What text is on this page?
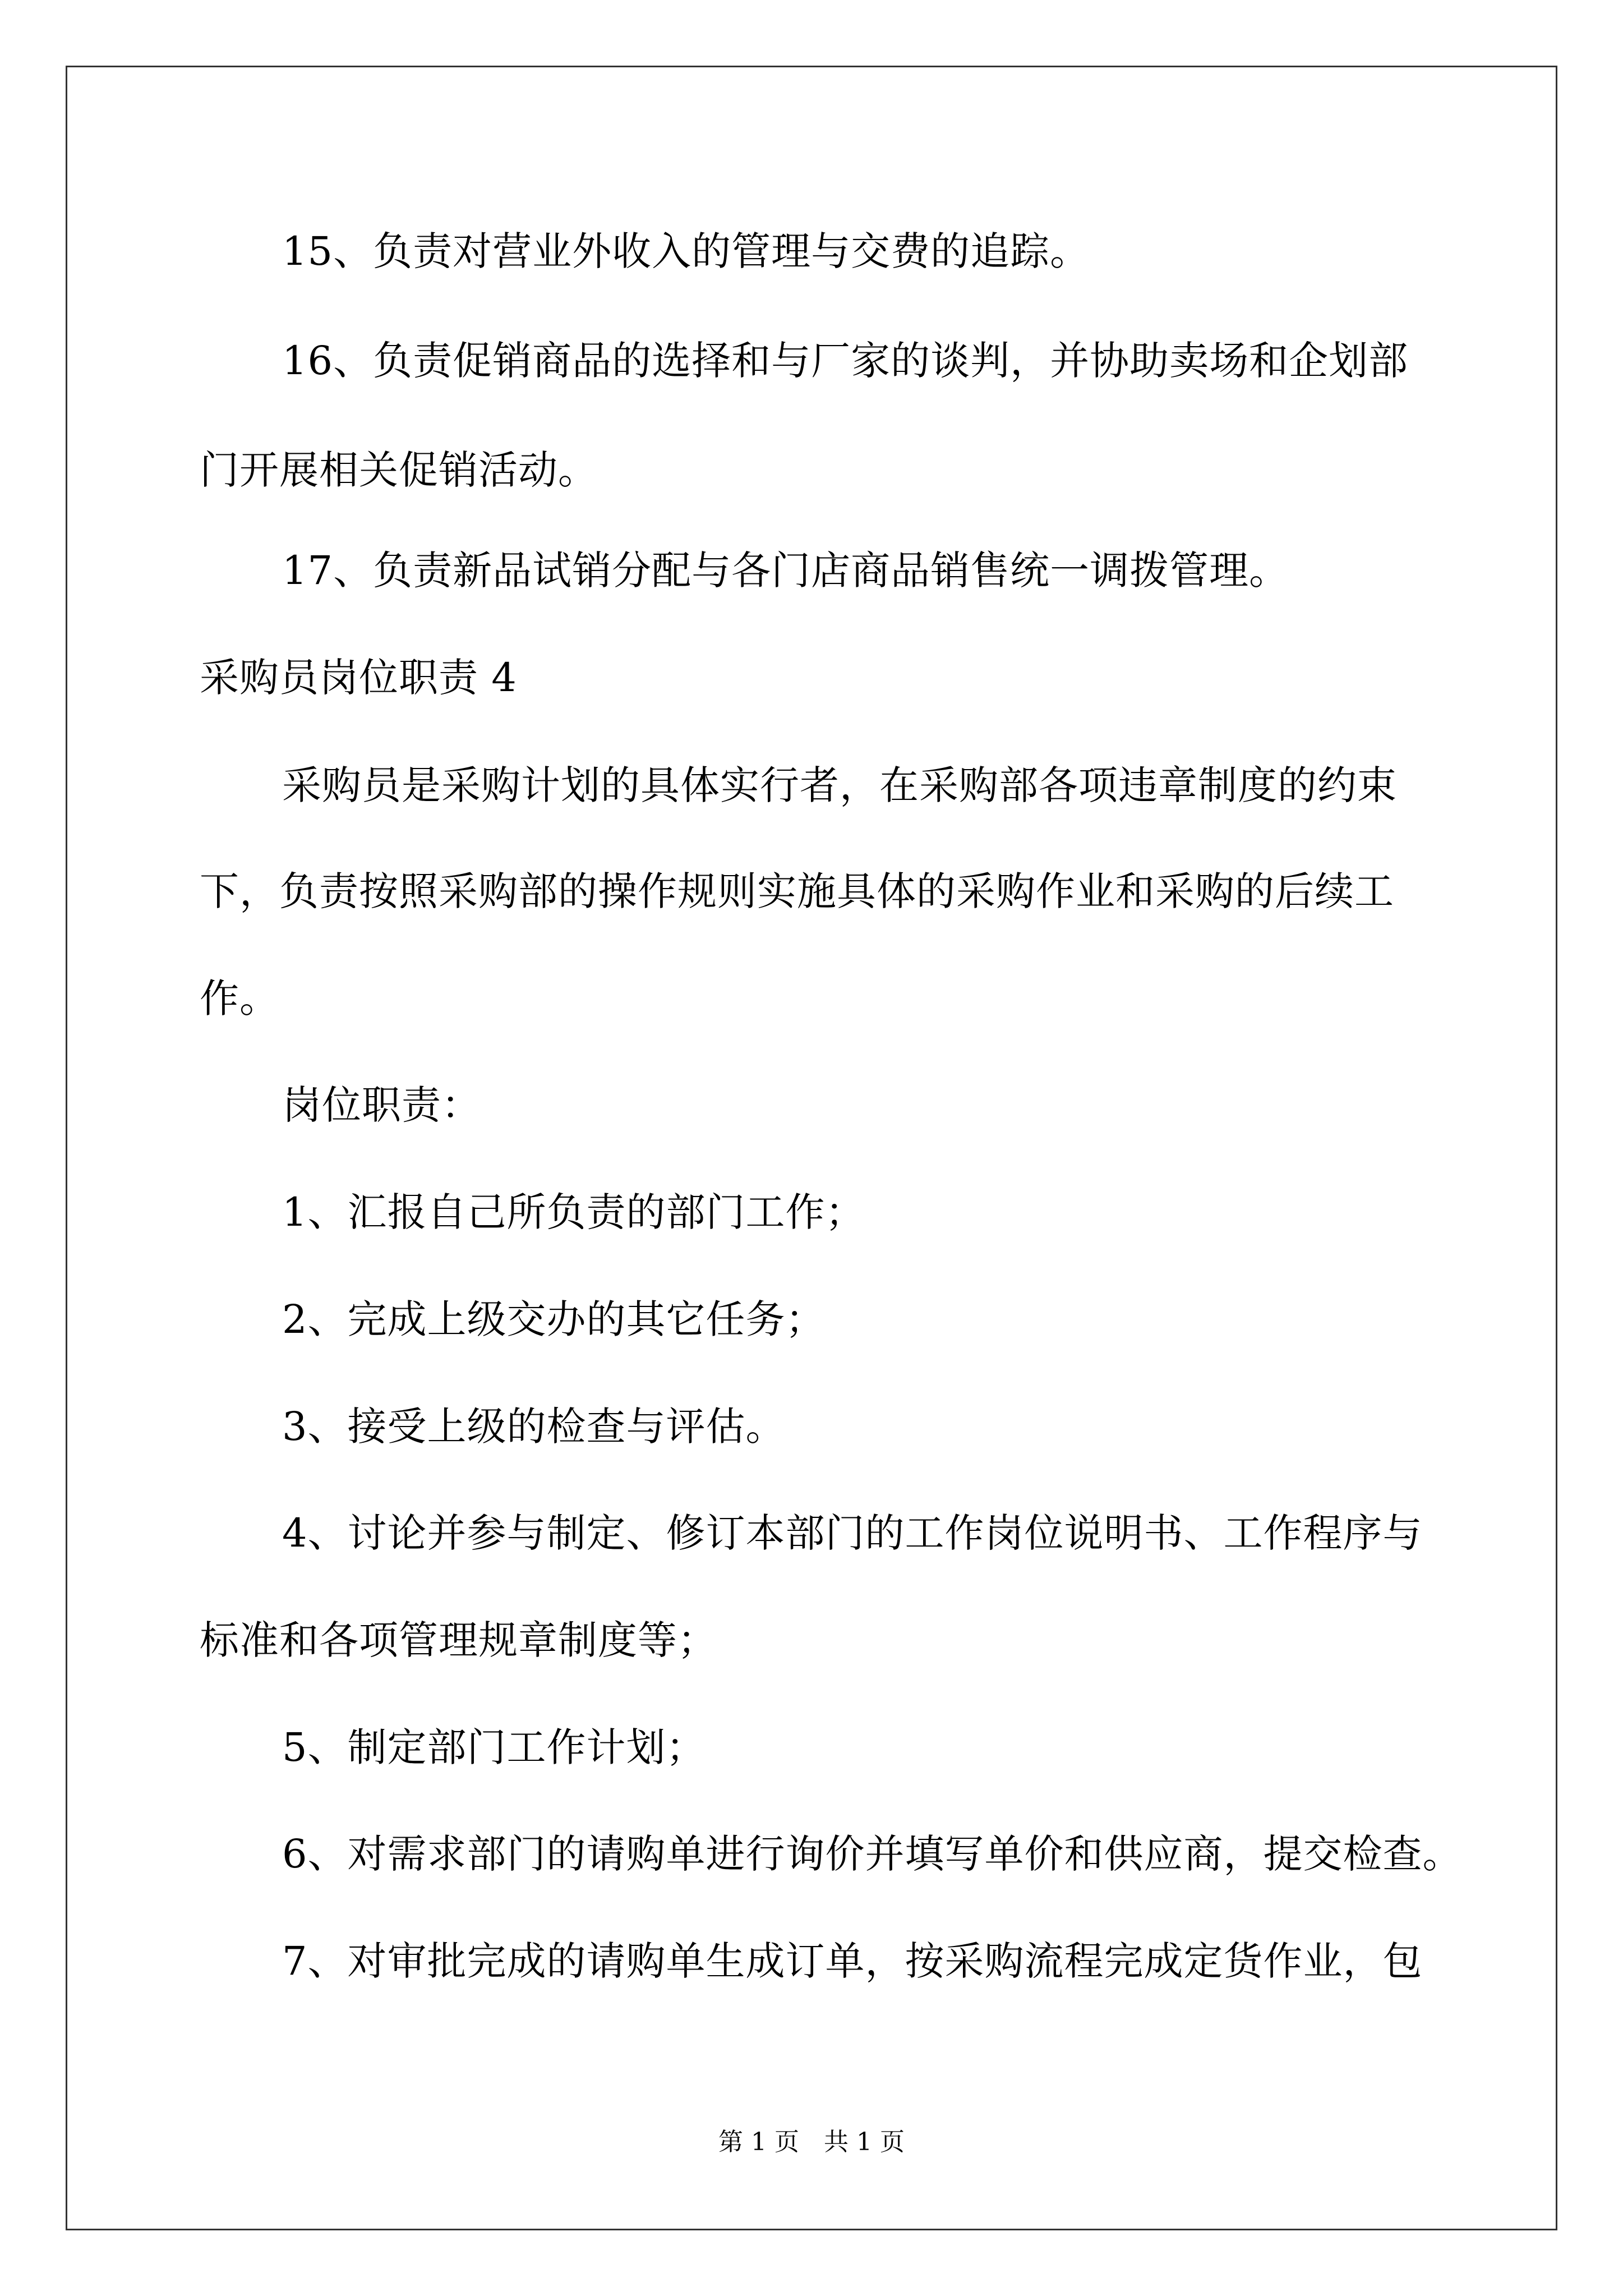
15、负责对营业外收入的管理与交费的追踪。
16、负责促销商品的选择和与厂家的谈判，并协助卖场和企划部
门开展相关促销活动。
17、负责新品试销分配与各门店商品销售统一调拨管理。
采购员岗位职责 4
采购员是采购计划的具体实行者，在采购部各项违章制度的约束
下，负责按照采购部的操作规则实施具体的采购作业和采购的后续工
作。
岗位职责：
1、汇报自己所负责的部门工作；
2、完成上级交办的其它任务；
3、接受上级的检查与评估。
4、讨论并参与制定、修订本部门的工作岗位说明书、工作程序与
标准和各项管理规章制度等；
5、制定部门工作计划；
6、对需求部门的请购单进行询价并填写单价和供应商，提交检查。
7、对审批完成的请购单生成订单，按采购流程完成定货作业，包
第 1 页 共 1 页
